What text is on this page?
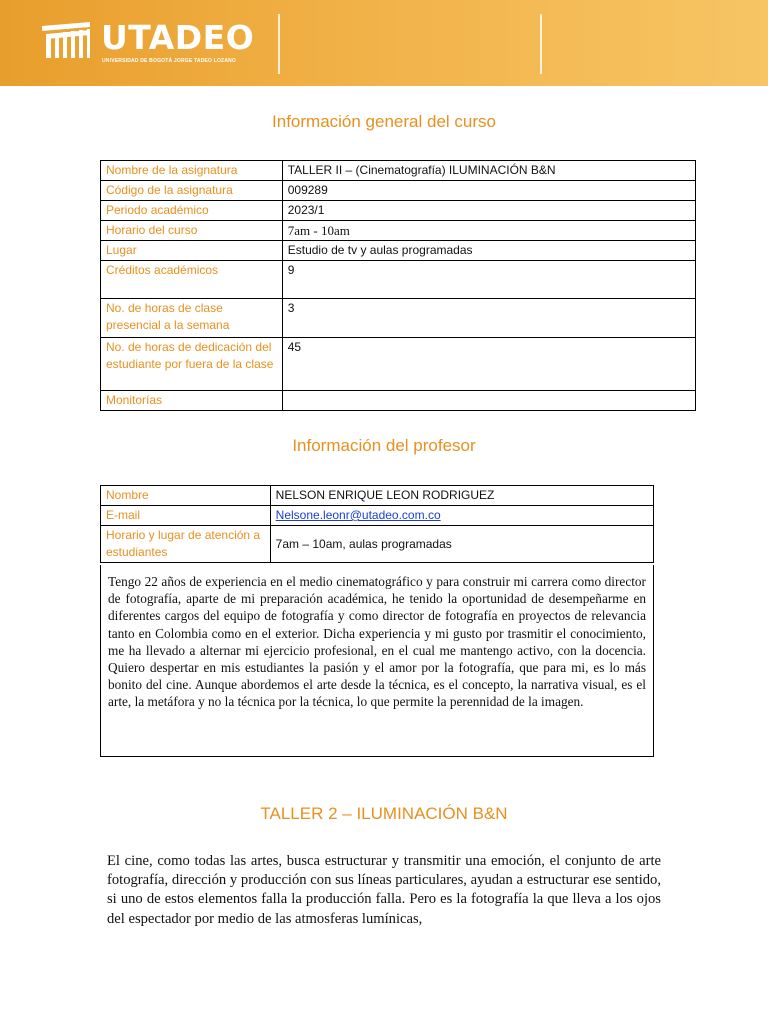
UTADEO
UNIVERSIDAD DE BOGOTÁ JORGE TADEO LOZANO
Información general del curso
Nombre de la asignatura	TALLER II – (Cinematografía) ILUMINACIÓN B&N
Código de la asignatura	009289
Periodo académico	2023/1
Horario del curso	7am - 10am
Lugar	Estudio de tv y aulas programadas
Créditos académicos	9
No. de horas de clase presencial a la semana	3
No. de horas de dedicación del estudiante por fuera de la clase	45
Monitorías	
Información del profesor
Nombre	NELSON ENRIQUE LEON RODRIGUEZ
E-mail	Nelsone.leonr@utadeo.com.co
Horario y lugar de atención a estudiantes	7am – 10am, aulas programadas
Tengo 22 años de experiencia en el medio cinematográfico y para construir mi carrera como director de fotografía, aparte de mi preparación académica, he tenido la oportunidad de desempeñarme en diferentes cargos del equipo de fotografía y como director de fotografía en proyectos de relevancia tanto en Colombia como en el exterior. Dicha experiencia y mi gusto por trasmitir el conocimiento, me ha llevado a alternar mi ejercicio profesional, en el cual me mantengo activo, con la docencia. Quiero despertar en mis estudiantes la pasión y el amor por la fotografía, que para mi, es lo más bonito del cine. Aunque abordemos el arte desde la técnica, es el concepto, la narrativa visual, es el arte, la metáfora y no la técnica por la técnica, lo que permite la perennidad de la imagen.
TALLER 2 – ILUMINACIÓN B&N
El cine, como todas las artes, busca estructurar y transmitir una emoción, el conjunto de arte fotografía, dirección y producción con sus líneas particulares, ayudan a estructurar ese sentido, si uno de estos elementos falla la producción falla. Pero es la fotografía la que lleva a los ojos del espectador por medio de las atmosferas lumínicas,
